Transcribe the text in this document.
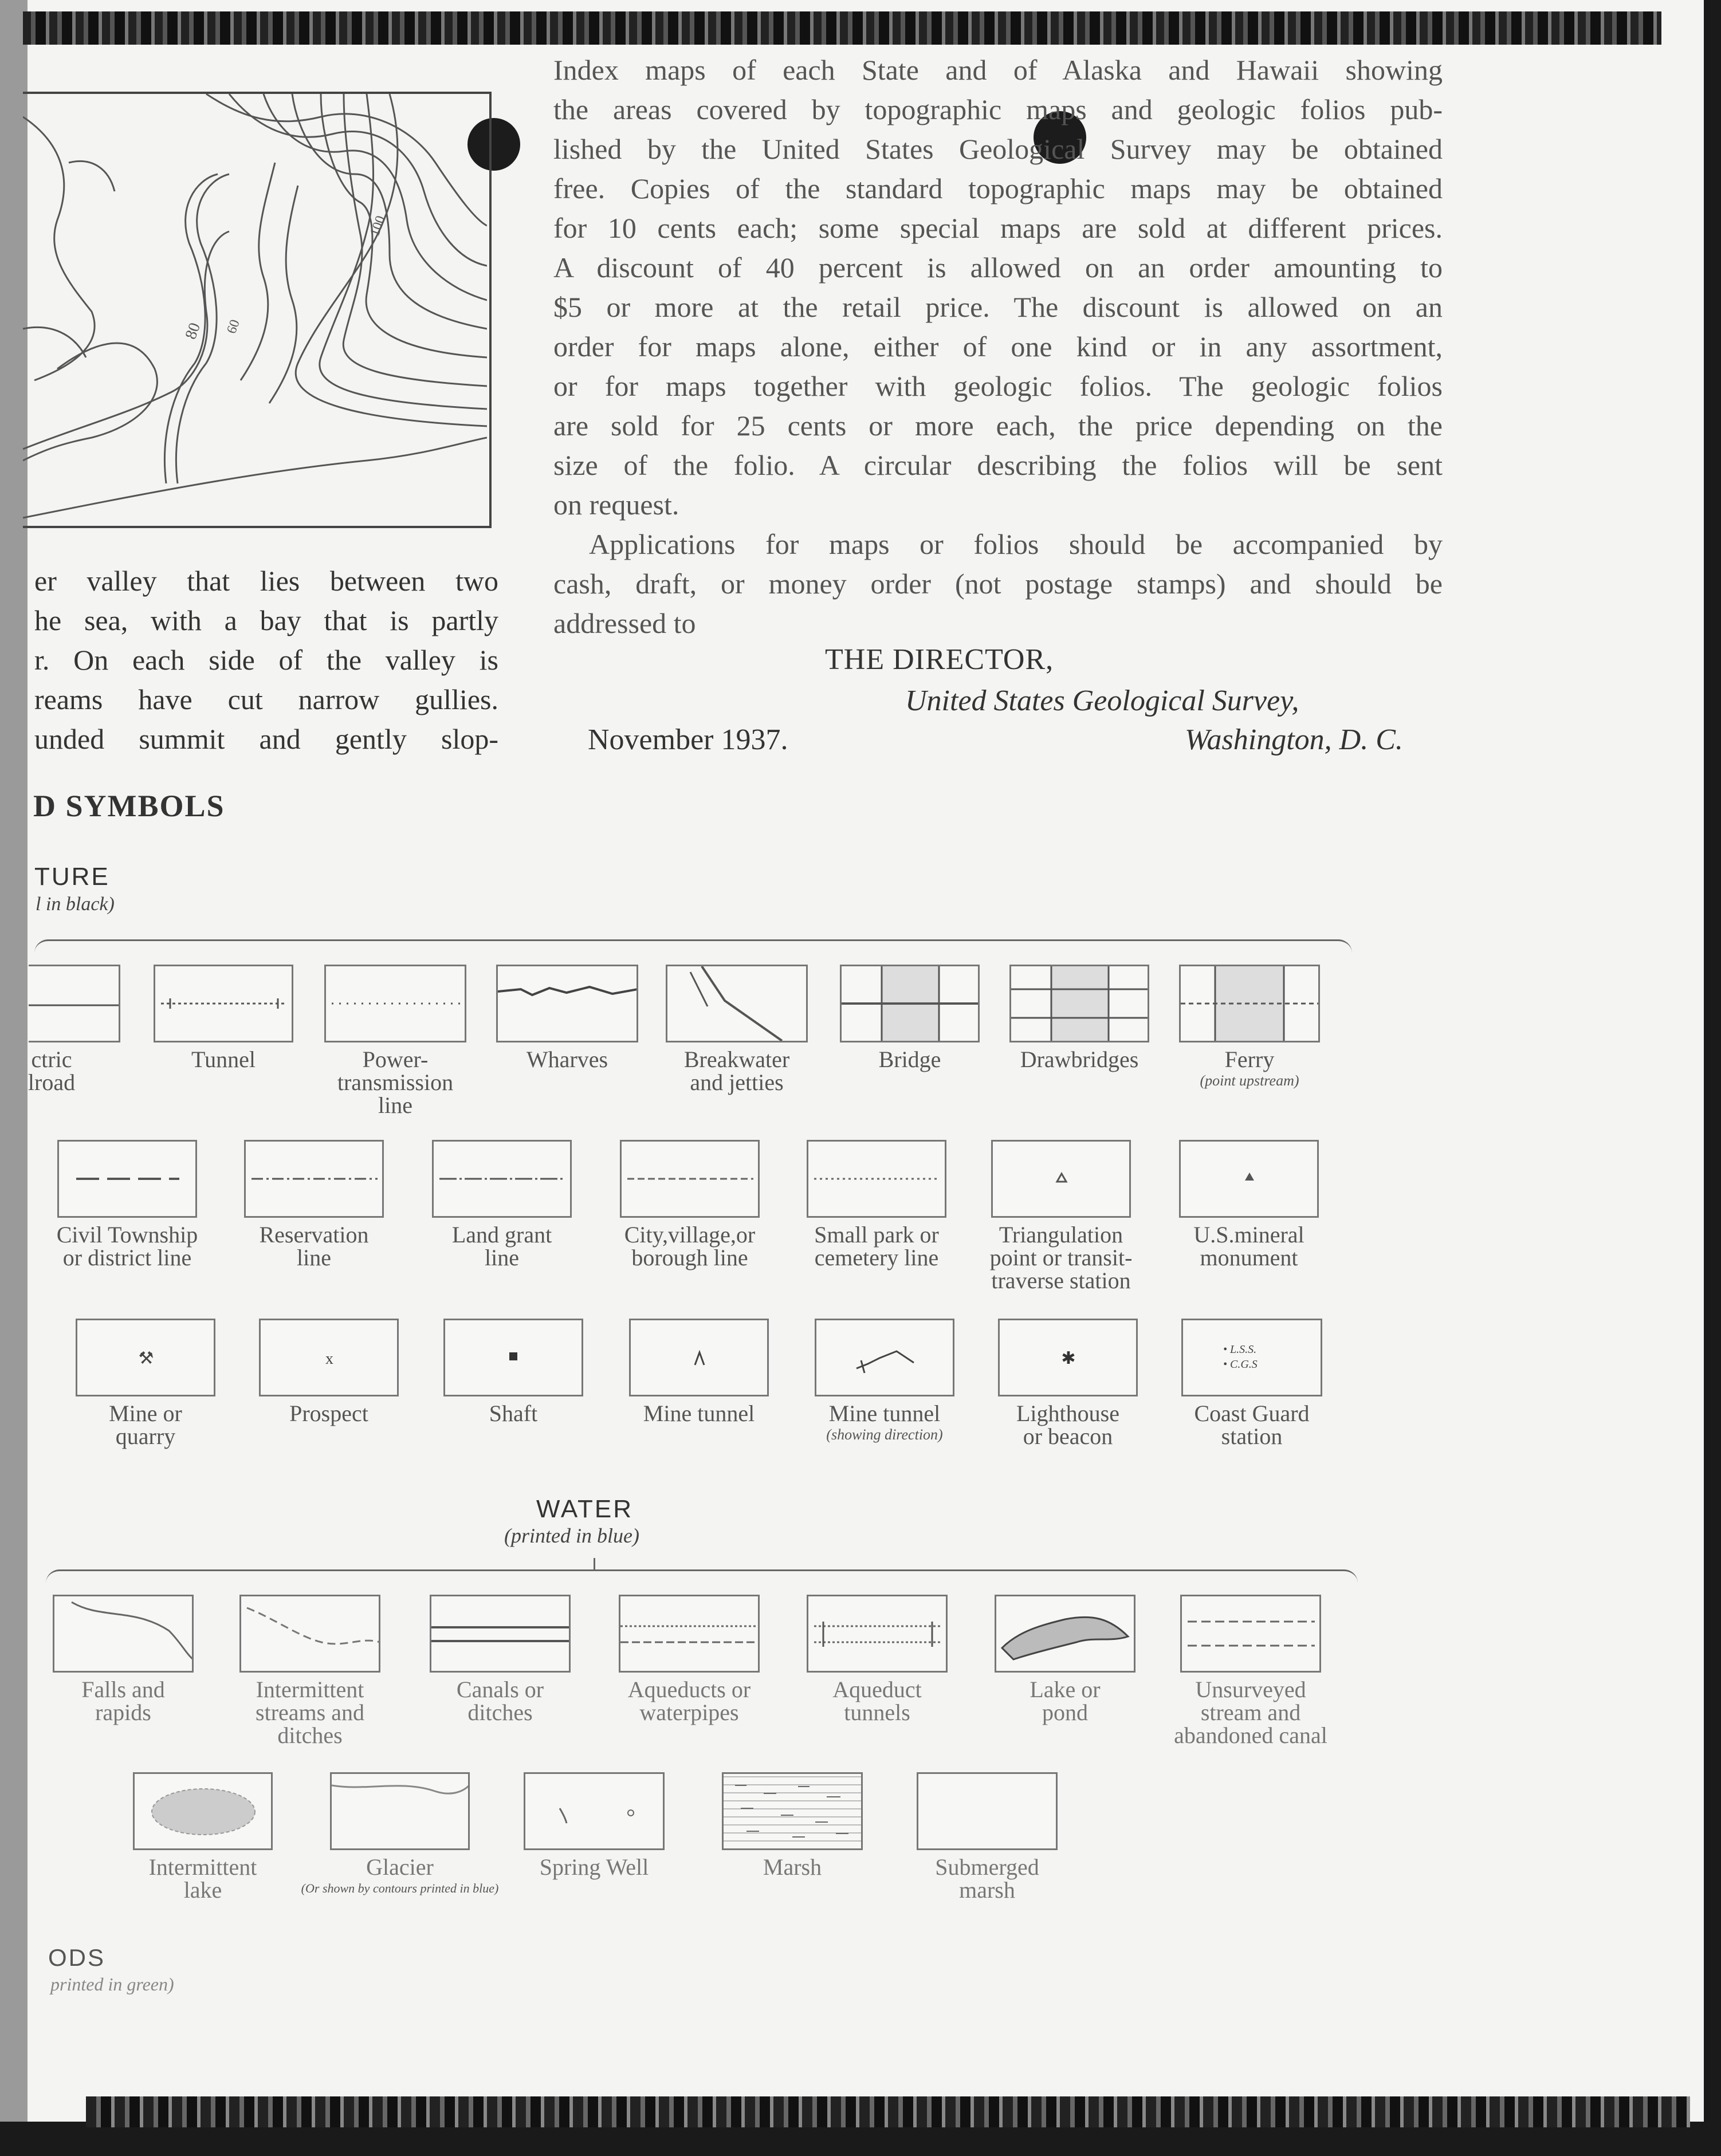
80 60
100
Index maps of each State and of Alaska and Hawaii showing
the areas covered by topographic maps and geologic folios pub-
lished by the United States Geological Survey may be obtained
free. Copies of the standard topographic maps may be obtained
for 10 cents each; some special maps are sold at different prices.
A discount of 40 percent is allowed on an order amounting to
$5 or more at the retail price. The discount is allowed on an
order for maps alone, either of one kind or in any assortment,
or for maps together with geologic folios. The geologic folios
are sold for 25 cents or more each, the price depending on the
size of the folio. A circular describing the folios will be sent
on request.
Applications for maps or folios should be accompanied by
cash, draft, or money order (not postage stamps) and should be
addressed to
THE DIRECTOR,
United States Geological Survey,
November 1937.	Washington, D. C.
er valley that lies between two
he sea, with a bay that is partly
r. On each side of the valley is
reams have cut narrow gullies.
unded summit and gently slop-
D SYMBOLS
TURE
l in black)
WATER
(printed in blue)
ODS
printed in green)
ctric
lroad
Tunnel	Power-
transmission
line
Wharves	Breakwater
and jetties
Bridge	Drawbridges	Ferry
(point upstream)
Civil Township
or district line
Reservation
line
Land grant
line
City,village,or
borough line
Small park or
cemetery line
Triangulation
point or transit-
traverse station
U.S.mineral
monument
⚒
Mine or
quarry
x
Prospect	Shaft	Mine tunnel	Mine tunnel
(showing direction)
✱
Lighthouse
or beacon
• L.S.S.
• C.G.S
Coast Guard
station
Falls and
rapids
Intermittent
streams and
ditches
Canals or
ditches
Aqueducts or
waterpipes
Aqueduct
tunnels
Lake or
pond
Unsurveyed
stream and
abandoned canal
Intermittent
lake
Glacier
(Or shown by contours printed in blue)
Spring Well	Marsh	Submerged
marsh
